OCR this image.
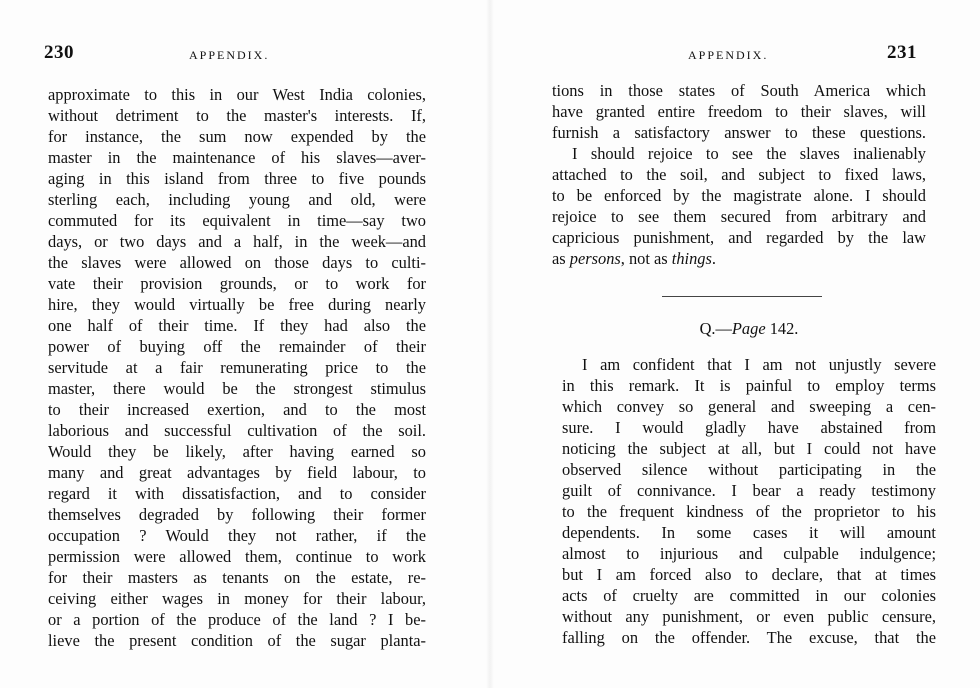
230	APPENDIX.
approximate to this in our West India colonies,
without detriment to the master's interests. If,
for instance, the sum now expended by the
master in the maintenance of his slaves—aver-
aging in this island from three to five pounds
sterling each, including young and old, were
commuted for its equivalent in time—say two
days, or two days and a half, in the week—and
the slaves were allowed on those days to culti-
vate their provision grounds, or to work for
hire, they would virtually be free during nearly
one half of their time. If they had also the
power of buying off the remainder of their
servitude at a fair remunerating price to the
master, there would be the strongest stimulus
to their increased exertion, and to the most
laborious and successful cultivation of the soil.
Would they be likely, after having earned so
many and great advantages by field labour, to
regard it with dissatisfaction, and to consider
themselves degraded by following their former
occupation ? Would they not rather, if the
permission were allowed them, continue to work
for their masters as tenants on the estate, re-
ceiving either wages in money for their labour,
or a portion of the produce of the land ? I be-
lieve the present condition of the sugar planta-
APPENDIX.	231
tions in those states of South America which
have granted entire freedom to their slaves, will
furnish a satisfactory answer to these questions.
I should rejoice to see the slaves inalienably
attached to the soil, and subject to fixed laws,
to be enforced by the magistrate alone. I should
rejoice to see them secured from arbitrary and
capricious punishment, and regarded by the law
as persons, not as things.
Q.—Page 142.
I am confident that I am not unjustly severe
in this remark. It is painful to employ terms
which convey so general and sweeping a cen-
sure. I would gladly have abstained from
noticing the subject at all, but I could not have
observed silence without participating in the
guilt of connivance. I bear a ready testimony
to the frequent kindness of the proprietor to his
dependents. In some cases it will amount
almost to injurious and culpable indulgence;
but I am forced also to declare, that at times
acts of cruelty are committed in our colonies
without any punishment, or even public censure,
falling on the offender. The excuse, that the
